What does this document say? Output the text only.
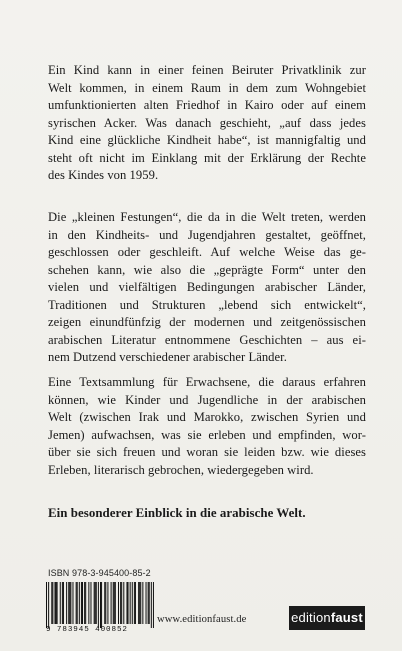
Ein Kind kann in einer feinen Beiruter Privatklinik zur
Welt kommen, in einem Raum in dem zum Wohngebiet
umfunktionierten alten Friedhof in Kairo oder auf einem
syrischen Acker. Was danach geschieht, „auf dass jedes
Kind eine glückliche Kindheit habe“, ist mannigfaltig und
steht oft nicht im Einklang mit der Erklärung der Rechte
des Kindes von 1959.
Die „kleinen Festungen“, die da in die Welt treten, werden
in den Kindheits- und Jugendjahren gestaltet, geöffnet,
geschlossen oder geschleift. Auf welche Weise das ge-
schehen kann, wie also die „geprägte Form“ unter den
vielen und vielfältigen Bedingungen arabischer Länder,
Traditionen und Strukturen „lebend sich entwickelt“,
zeigen einundfünfzig der modernen und zeitgenössischen
arabischen Literatur entnommene Geschichten – aus ei-
nem Dutzend verschiedener arabischer Länder.
Eine Textsammlung für Erwachsene, die daraus erfahren
können, wie Kinder und Jugendliche in der arabischen
Welt (zwischen Irak und Marokko, zwischen Syrien und
Jemen) aufwachsen, was sie erleben und empfinden, wor-
über sie sich freuen und woran sie leiden bzw. wie dieses
Erleben, literarisch gebrochen, wiedergegeben wird.
Ein besonderer Einblick in die arabische Welt.
ISBN 978-3-945400-85-2
9 783945 400852
www.editionfaust.de	editionfaust
